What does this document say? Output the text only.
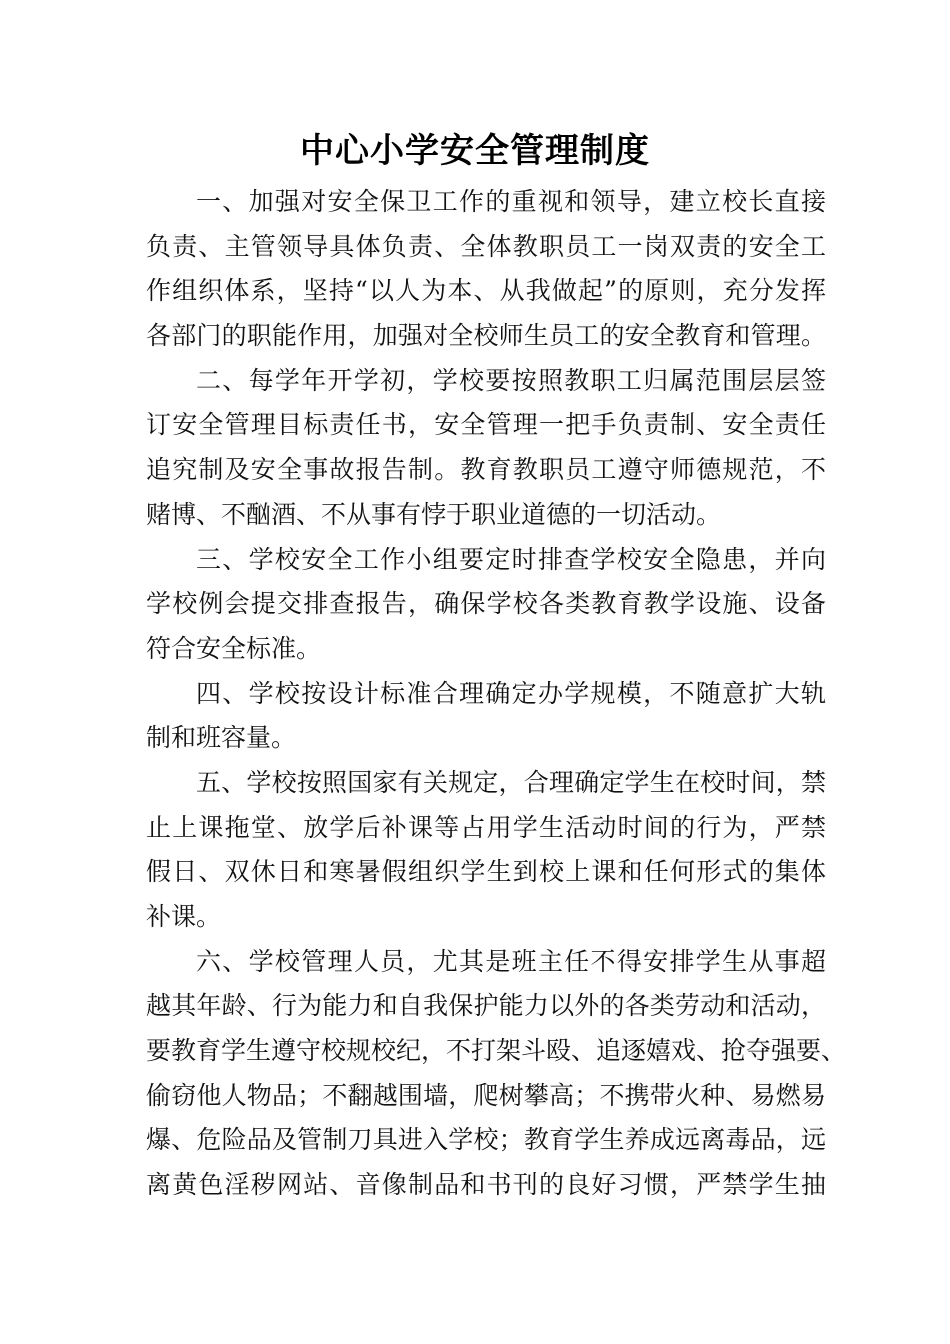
中心小学安全管理制度
一、加强对安全保卫工作的重视和领导，建立校长直接
负责、主管领导具体负责、全体教职员工一岗双责的安全工
作组织体系，坚持“以人为本、从我做起”的原则，充分发挥
各部门的职能作用，加强对全校师生员工的安全教育和管理。
二、每学年开学初，学校要按照教职工归属范围层层签
订安全管理目标责任书，安全管理一把手负责制、安全责任
追究制及安全事故报告制。教育教职员工遵守师德规范，不
赌博、不酗酒、不从事有悖于职业道德的一切活动。
三、学校安全工作小组要定时排查学校安全隐患，并向
学校例会提交排查报告，确保学校各类教育教学设施、设备
符合安全标准。
四、学校按设计标准合理确定办学规模，不随意扩大轨
制和班容量。
五、学校按照国家有关规定，合理确定学生在校时间，禁
止上课拖堂、放学后补课等占用学生活动时间的行为，严禁
假日、双休日和寒暑假组织学生到校上课和任何形式的集体
补课。
六、学校管理人员，尤其是班主任不得安排学生从事超
越其年龄、行为能力和自我保护能力以外的各类劳动和活动，
要教育学生遵守校规校纪，不打架斗殴、追逐嬉戏、抢夺强要、
偷窃他人物品；不翻越围墙，爬树攀高；不携带火种、易燃易
爆、危险品及管制刀具进入学校；教育学生养成远离毒品，远
离黄色淫秽网站、音像制品和书刊的良好习惯，严禁学生抽
